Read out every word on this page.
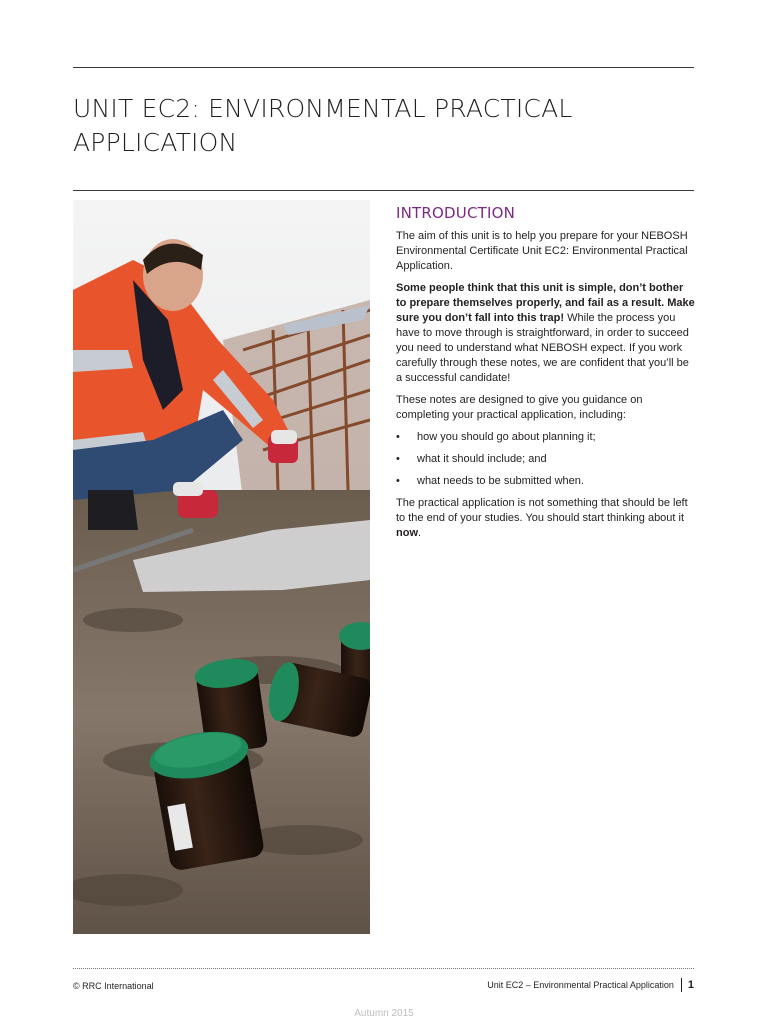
UNIT EC2: ENVIRONMENTAL PRACTICAL APPLICATION
INTRODUCTION

The aim of this unit is to help you prepare for your NEBOSH Environmental Certificate Unit EC2: Environmental Practical Application.

Some people think that this unit is simple, don’t bother to prepare themselves properly, and fail as a result. Make sure you don’t fall into this trap! While the process you have to move through is straightforward, in order to succeed you need to understand what NEBOSH expect. If you work carefully through these notes, we are confident that you’ll be a successful candidate!

These notes are designed to give you guidance on completing your practical application, including:

• how you should go about planning it;
• what it should include; and
• what needs to be submitted when.

The practical application is not something that should be left to the end of your studies. You should start thinking about it now.

© RRC International	Unit EC2 – Environmental Practical Application 1
Autumn 2015
